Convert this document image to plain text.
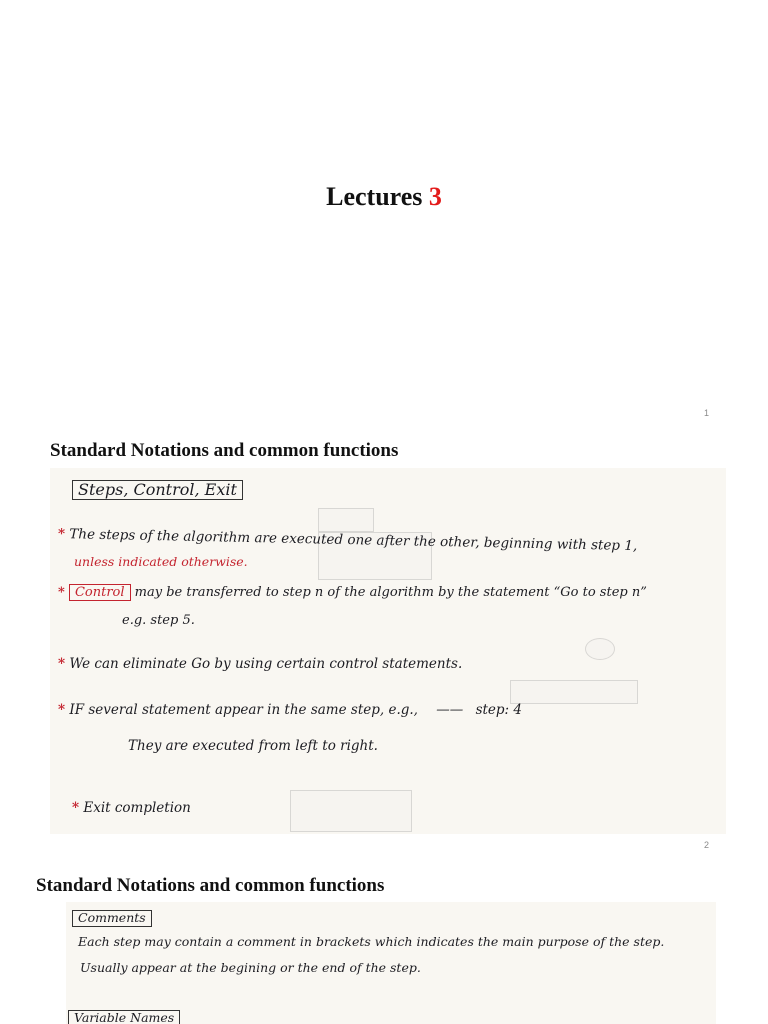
Lectures 3
1
Standard Notations and common functions
Steps, Control, Exit
* The steps of the algorithm are executed one after the other, beginning with step 1,
unless indicated otherwise.
* Control may be transferred to step n of the algorithm by the statement “Go to step n”
e.g. step 5.
* We can eliminate Go by using certain control statements.
* IF several statement appear in the same step, e.g., —— step: 4
They are executed from left to right.
* Exit completion
2
Standard Notations and common functions
Comments
Each step may contain a comment in brackets which indicates the main purpose of the step.
Usually appear at the begining or the end of the step.
Variable Names
